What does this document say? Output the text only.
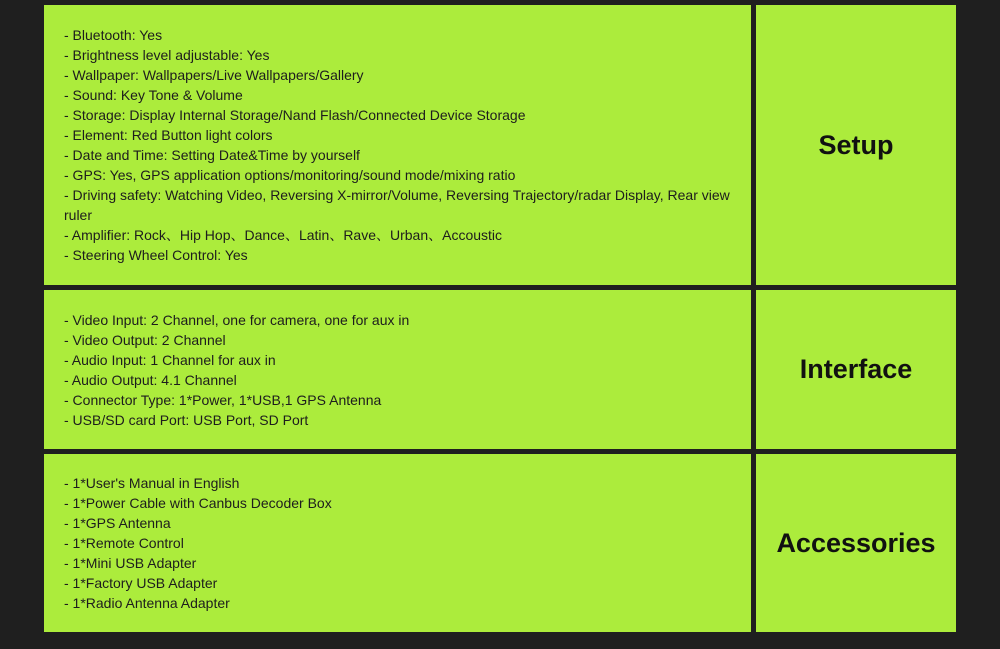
- Bluetooth: Yes
- Brightness level adjustable: Yes
- Wallpaper: Wallpapers/Live Wallpapers/Gallery
- Sound: Key Tone & Volume
- Storage: Display Internal Storage/Nand Flash/Connected Device Storage
- Element: Red Button light colors
- Date and Time: Setting Date&Time by yourself
- GPS: Yes, GPS application options/monitoring/sound mode/mixing ratio
- Driving safety: Watching Video, Reversing X-mirror/Volume, Reversing Trajectory/radar Display, Rear view ruler
- Amplifier: Rock、Hip Hop、Dance、Latin、Rave、Urban、Accoustic
- Steering Wheel Control: Yes
Setup
- Video Input: 2 Channel, one for camera, one for aux in
- Video Output: 2 Channel
- Audio Input: 1 Channel for aux in
- Audio Output: 4.1 Channel
- Connector Type: 1*Power, 1*USB,1 GPS Antenna
- USB/SD card Port: USB Port, SD Port
Interface
- 1*User's Manual in English
- 1*Power Cable with Canbus Decoder Box
- 1*GPS Antenna
- 1*Remote Control
- 1*Mini USB Adapter
- 1*Factory USB Adapter
- 1*Radio Antenna Adapter
Accessories
